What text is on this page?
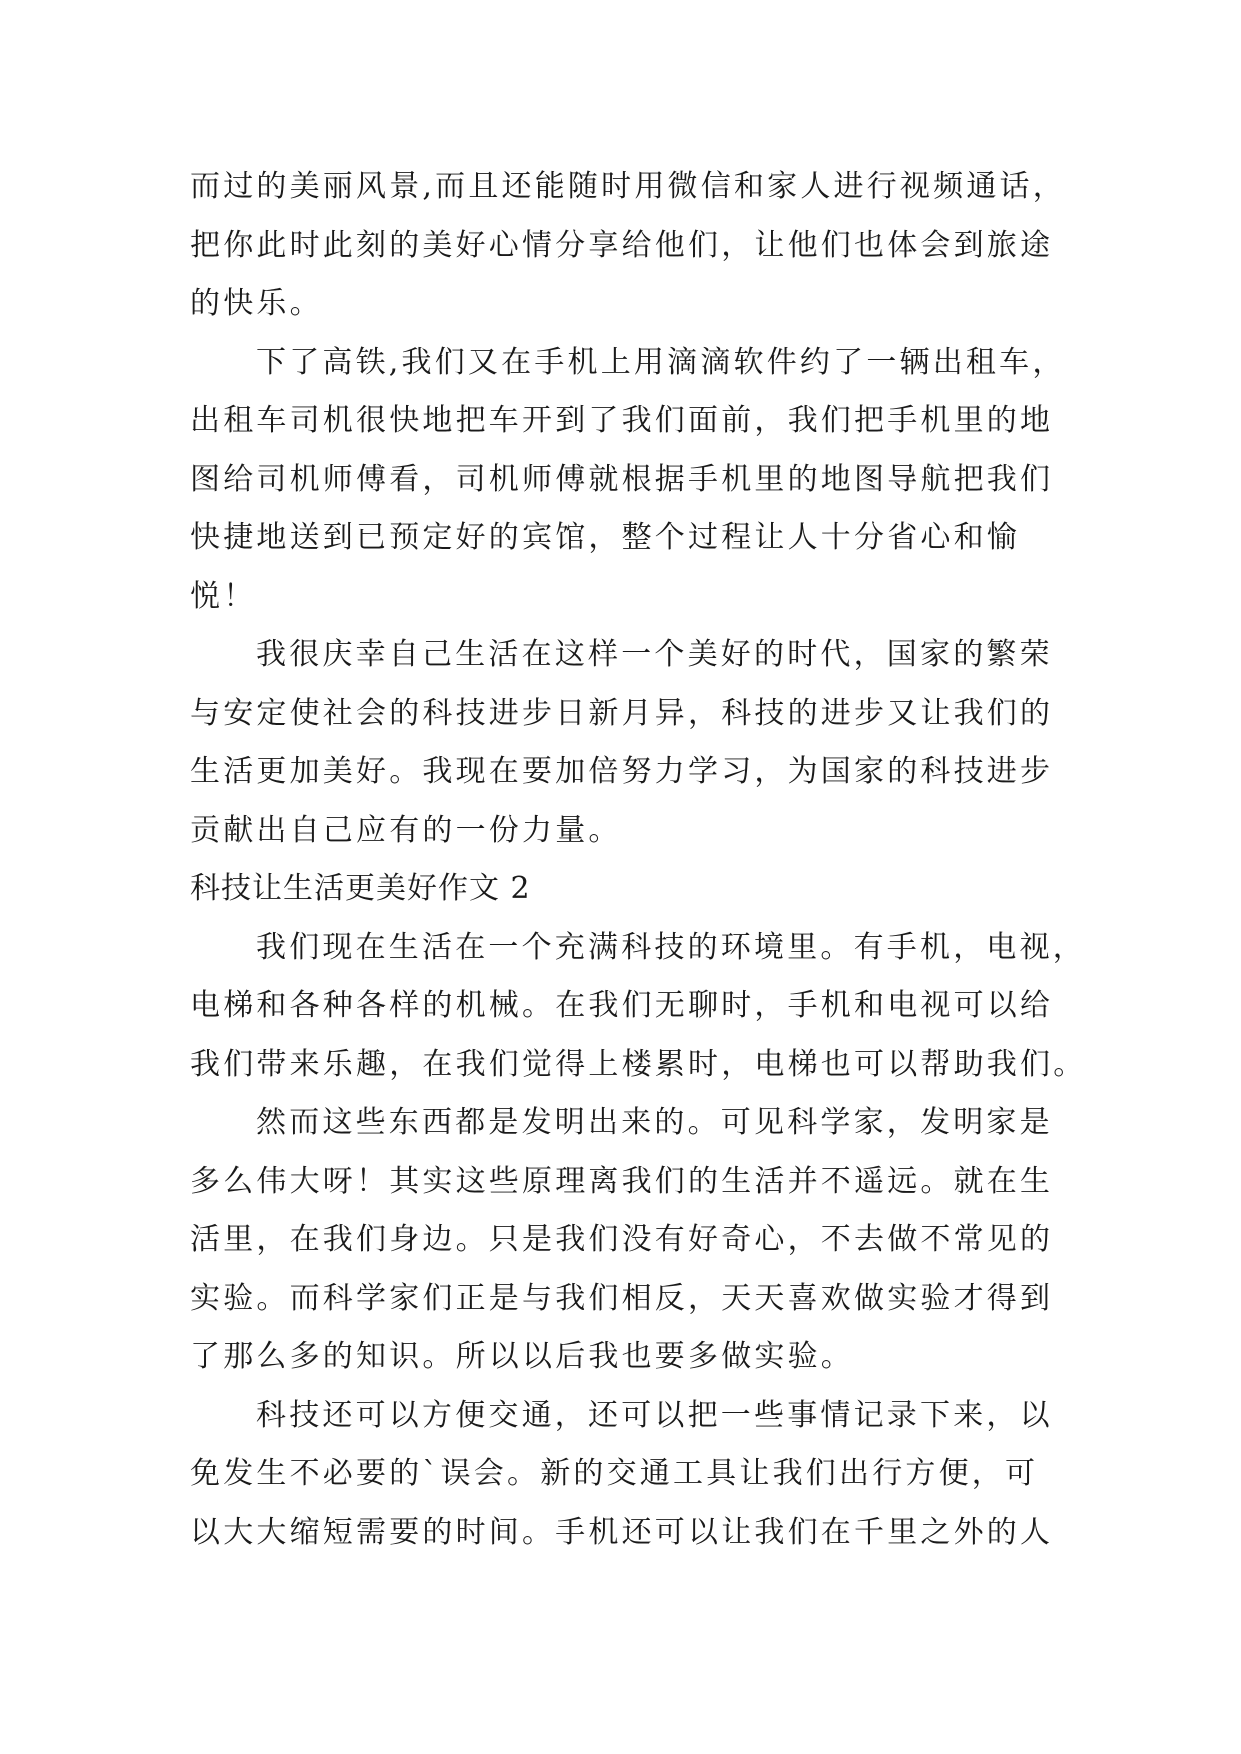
而过的美丽风景,而且还能随时用微信和家人进行视频通话，
把你此时此刻的美好心情分享给他们，让他们也体会到旅途
的快乐。
下了高铁,我们又在手机上用滴滴软件约了一辆出租车，
出租车司机很快地把车开到了我们面前，我们把手机里的地
图给司机师傅看，司机师傅就根据手机里的地图导航把我们
快捷地送到已预定好的宾馆，整个过程让人十分省心和愉
悦！
我很庆幸自己生活在这样一个美好的时代，国家的繁荣
与安定使社会的科技进步日新月异，科技的进步又让我们的
生活更加美好。我现在要加倍努力学习，为国家的科技进步
贡献出自己应有的一份力量。
科技让生活更美好作文 2
我们现在生活在一个充满科技的环境里。有手机，电视，
电梯和各种各样的机械。在我们无聊时，手机和电视可以给
我们带来乐趣，在我们觉得上楼累时，电梯也可以帮助我们。
然而这些东西都是发明出来的。可见科学家，发明家是
多么伟大呀！其实这些原理离我们的生活并不遥远。就在生
活里，在我们身边。只是我们没有好奇心，不去做不常见的
实验。而科学家们正是与我们相反，天天喜欢做实验才得到
了那么多的知识。所以以后我也要多做实验。
科技还可以方便交通，还可以把一些事情记录下来，以
免发生不必要的`误会。新的交通工具让我们出行方便，可
以大大缩短需要的时间。手机还可以让我们在千里之外的人
